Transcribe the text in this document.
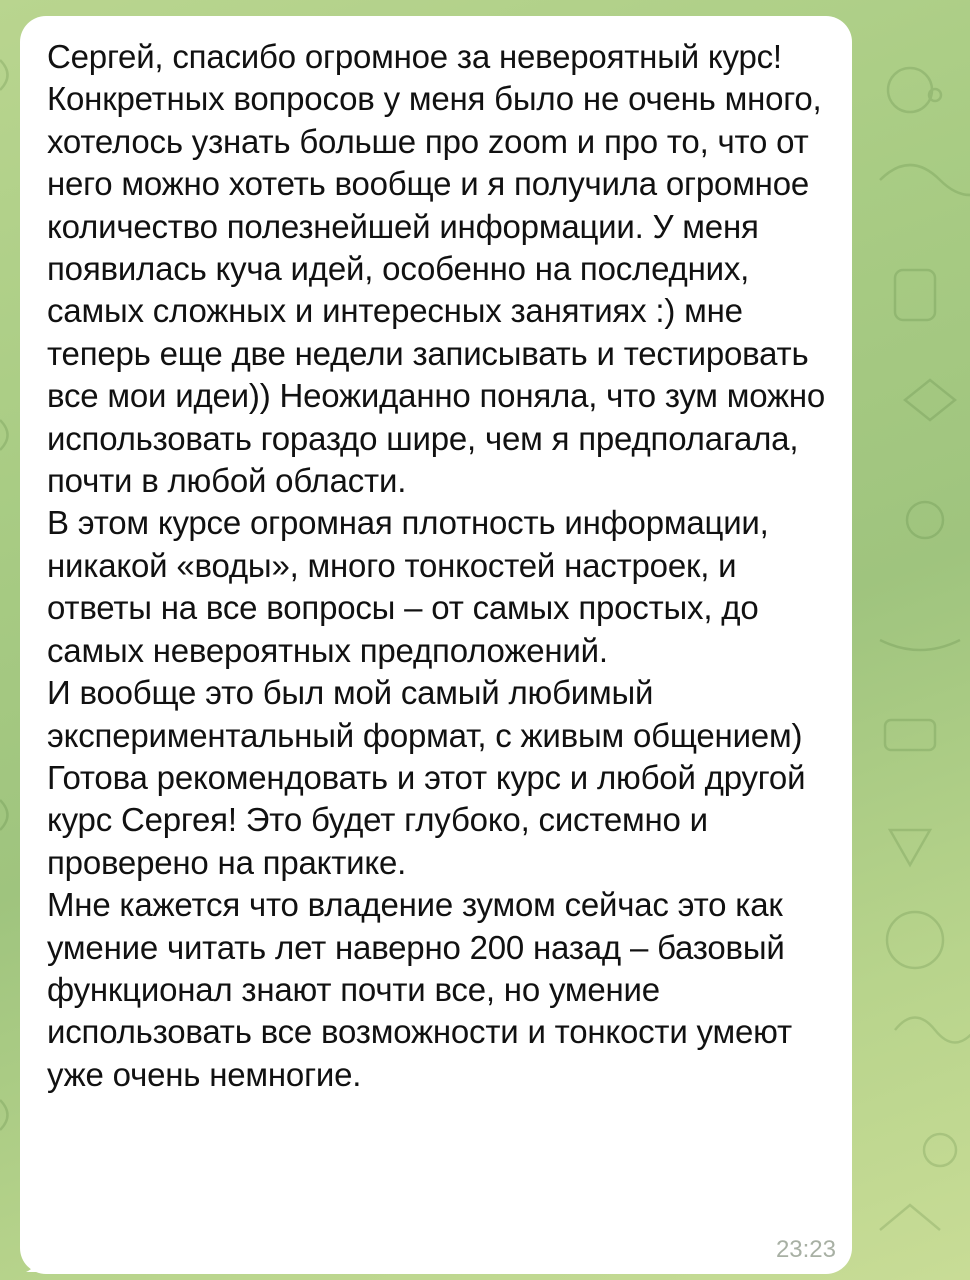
Сергей, спасибо огромное за невероятный курс!

Конкретных вопросов у меня было не очень много, хотелось узнать больше про zoom и про то, что от него можно хотеть вообще и я получила огромное количество полезнейшей информации. У меня появилась куча идей, особенно на последних, самых сложных и интересных занятиях :) мне теперь еще две недели записывать и тестировать все мои идеи)) Неожиданно поняла, что зум можно использовать гораздо шире, чем я предполагала, почти в любой области.

В этом курсе огромная плотность информации, никакой «воды», много тонкостей настроек, и ответы на все вопросы – от самых простых, до самых невероятных предположений.

И вообще это был мой самый любимый экспериментальный формат, с живым общением)

Готова рекомендовать и этот курс и любой другой курс Сергея! Это будет глубоко, системно и проверено на практике.

Мне кажется что владение зумом сейчас это как умение читать лет наверно 200 назад – базовый функционал знают почти все, но умение использовать все возможности и тонкости умеют уже очень немногие.

23:23
